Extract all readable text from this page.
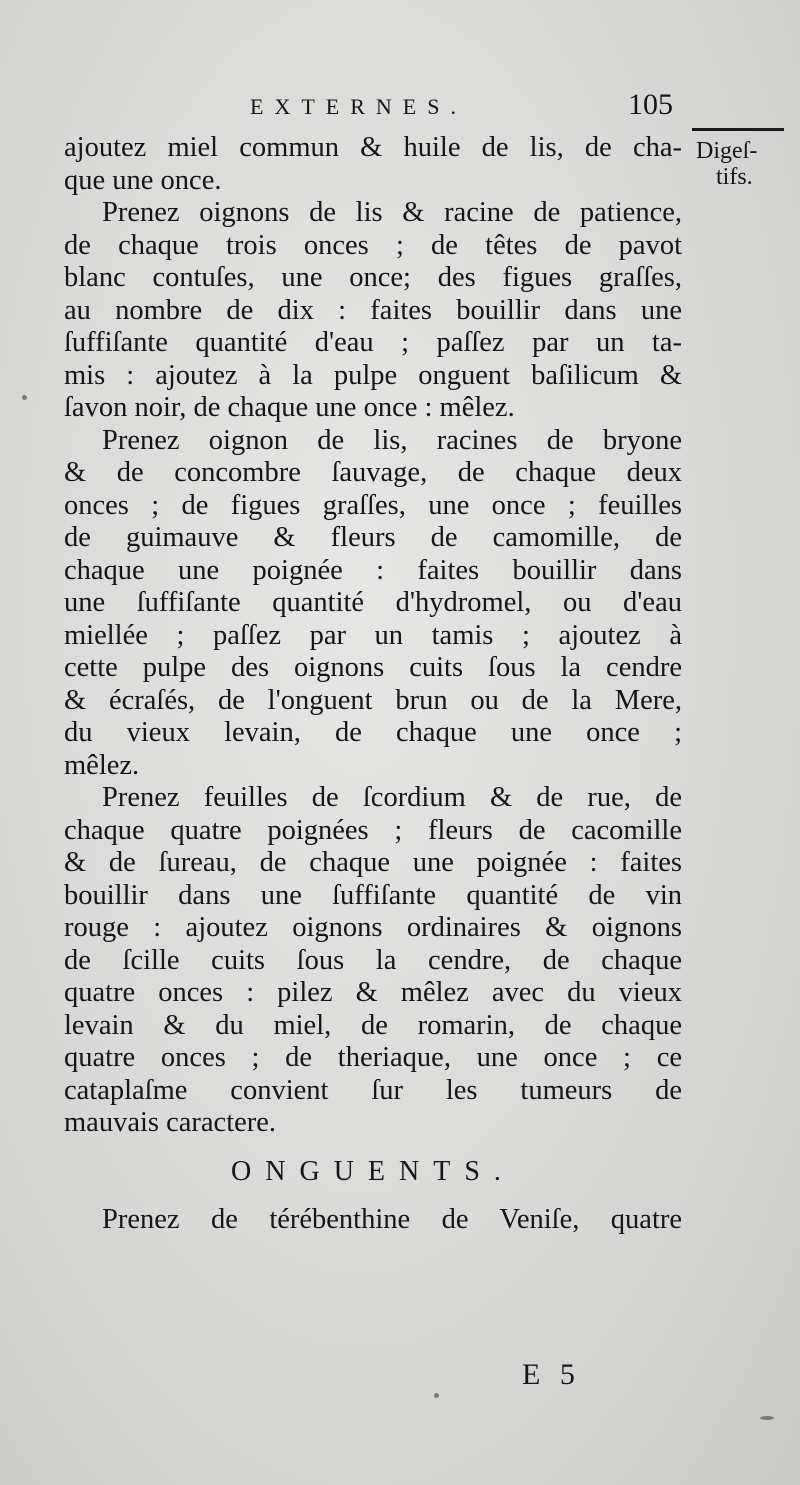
EXTERNES.	105
Digeſ-
tifs.
ajoutez miel commun & huile de lis, de cha-
que une once.
Prenez oignons de lis & racine de patience,
de chaque trois onces ; de têtes de pavot
blanc contuſes, une once; des figues graſſes,
au nombre de dix : faites bouillir dans une
ſuffiſante quantité d'eau ; paſſez par un ta-
mis : ajoutez à la pulpe onguent baſilicum &
ſavon noir, de chaque une once : mêlez.
Prenez oignon de lis, racines de bryone
& de concombre ſauvage, de chaque deux
onces ; de figues graſſes, une once ; feuilles
de guimauve & fleurs de camomille, de
chaque une poignée : faites bouillir dans
une ſuffiſante quantité d'hydromel, ou d'eau
miellée ; paſſez par un tamis ; ajoutez à
cette pulpe des oignons cuits ſous la cendre
& écraſés, de l'onguent brun ou de la Mere,
du vieux levain, de chaque une once ;
mêlez.
Prenez feuilles de ſcordium & de rue, de
chaque quatre poignées ; fleurs de cacomille
& de ſureau, de chaque une poignée : faites
bouillir dans une ſuffiſante quantité de vin
rouge : ajoutez oignons ordinaires & oignons
de ſcille cuits ſous la cendre, de chaque
quatre onces : pilez & mêlez avec du vieux
levain & du miel, de romarin, de chaque
quatre onces ; de theriaque, une once ; ce
cataplaſme convient ſur les tumeurs de
mauvais caractere.
ONGUENTS.
Prenez de térébenthine de Veniſe, quatre
E 5
